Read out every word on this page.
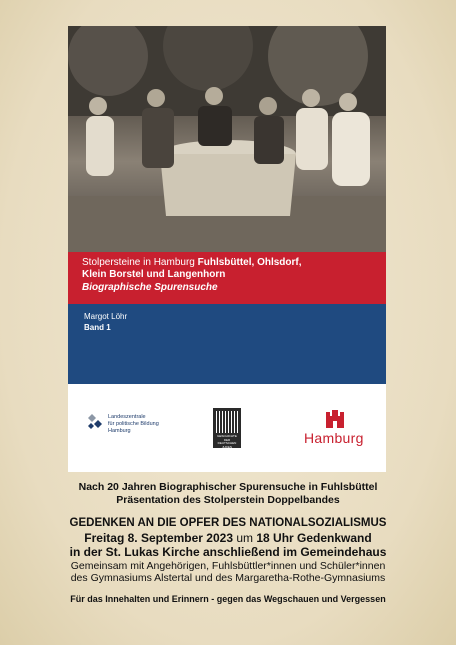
Stolpersteine in Hamburg Fuhlsbüttel, Ohlsdorf,
Klein Borstel und Langenhorn
Biographische Spurensuche
Margot Löhr
Band 1
Landeszentrale
für politische Bildung
Hamburg
GESCHICHTE DER DEUTSCHEN JUDEN
Hamburg
Nach 20 Jahren Biographischer Spurensuche in Fuhlsbüttel
Präsentation des Stolperstein Doppelbandes
GEDENKEN AN DIE OPFER DES NATIONALSOZIALISMUS
Freitag 8. September 2023 um 18 Uhr Gedenkwand
in der St. Lukas Kirche anschließend im Gemeindehaus
Gemeinsam mit Angehörigen, Fuhlsbüttler*innen und Schüler*innen
des Gymnasiums Alstertal und des Margaretha-Rothe-Gymnasiums
Für das Innehalten und Erinnern - gegen das Wegschauen und Vergessen
